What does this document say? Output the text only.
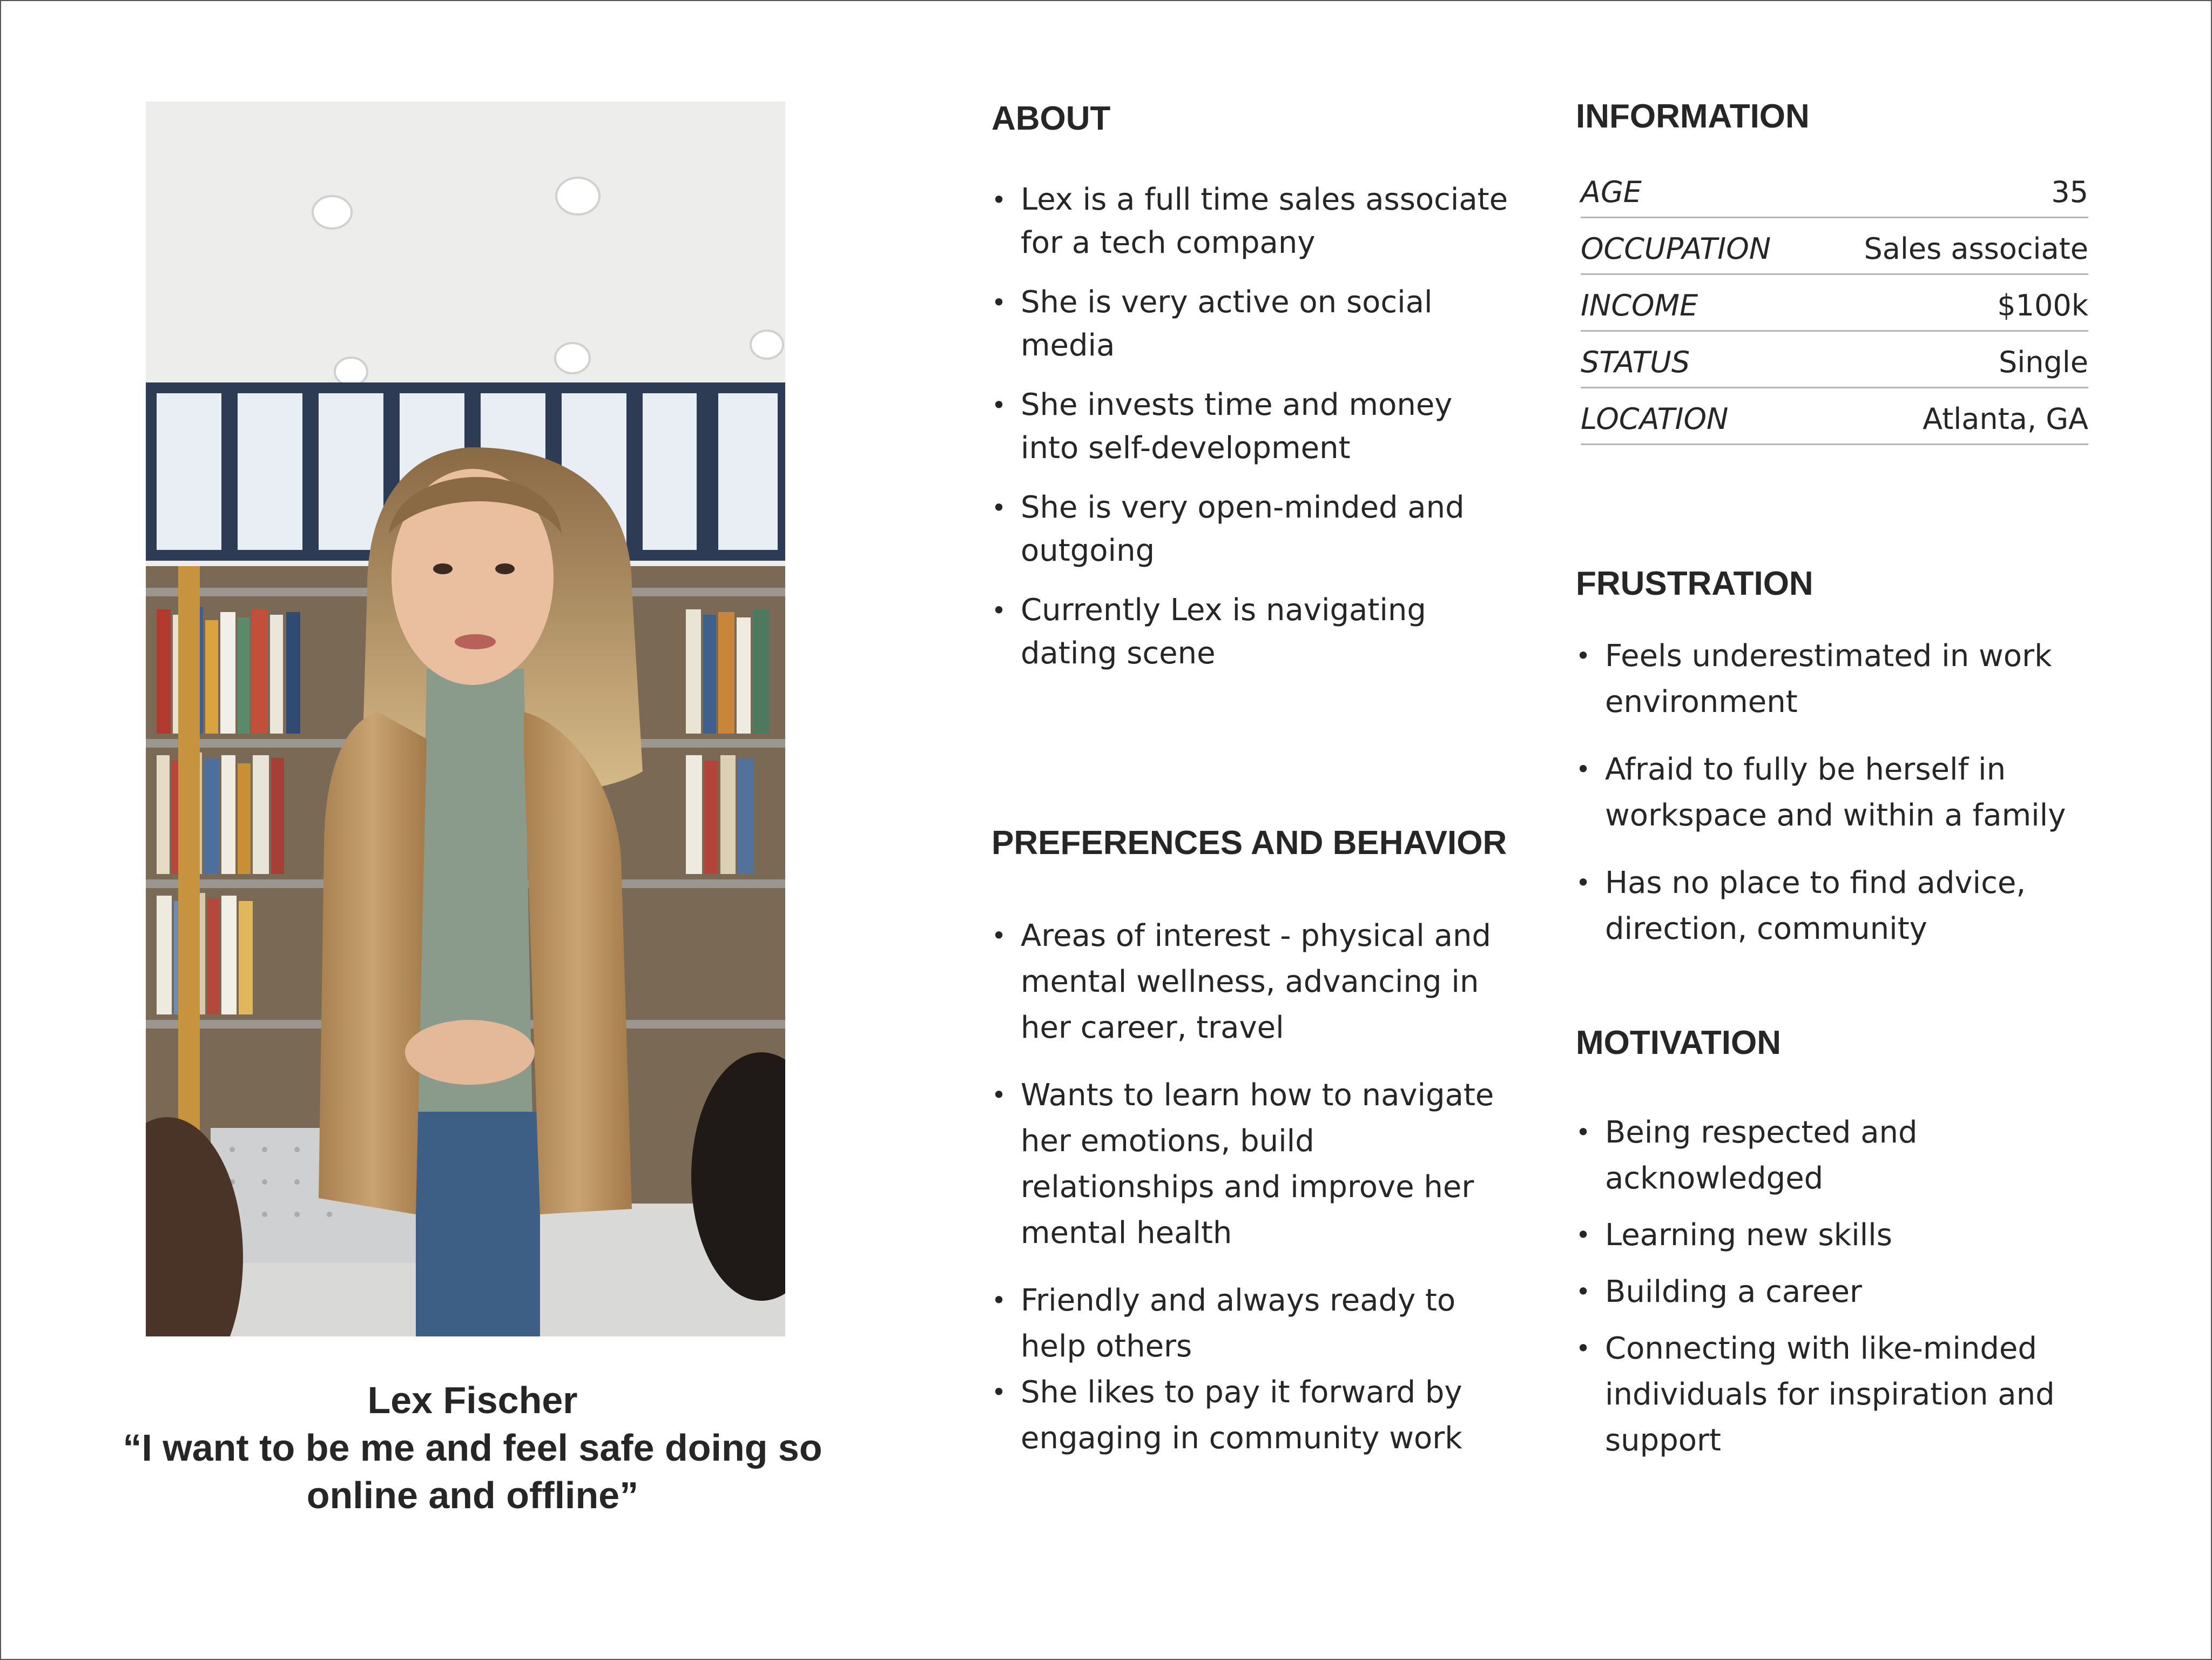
Lex Fischer
“I want to be me and feel safe doing so online and offline”
ABOUT
• Lex is a full time sales associate for a tech company
• She is very active on social media
• She invests time and money into self-development
• She is very open-minded and outgoing
• Currently Lex is navigating dating scene
PREFERENCES AND BEHAVIOR
• Areas of interest - physical and mental wellness, advancing in her career, travel
• Wants to learn how to navigate her emotions, build relationships and improve her mental health
• Friendly and always ready to help others
• She likes to pay it forward by engaging in community work
INFORMATION
AGE	35
OCCUPATION	Sales associate
INCOME	$100k
STATUS	Single
LOCATION	Atlanta, GA
FRUSTRATION
• Feels underestimated in work environment
• Afraid to fully be herself in workspace and within a family
• Has no place to find advice, direction, community
MOTIVATION
• Being respected and acknowledged
• Learning new skills
• Building a career
• Connecting with like-minded individuals for inspiration and support
